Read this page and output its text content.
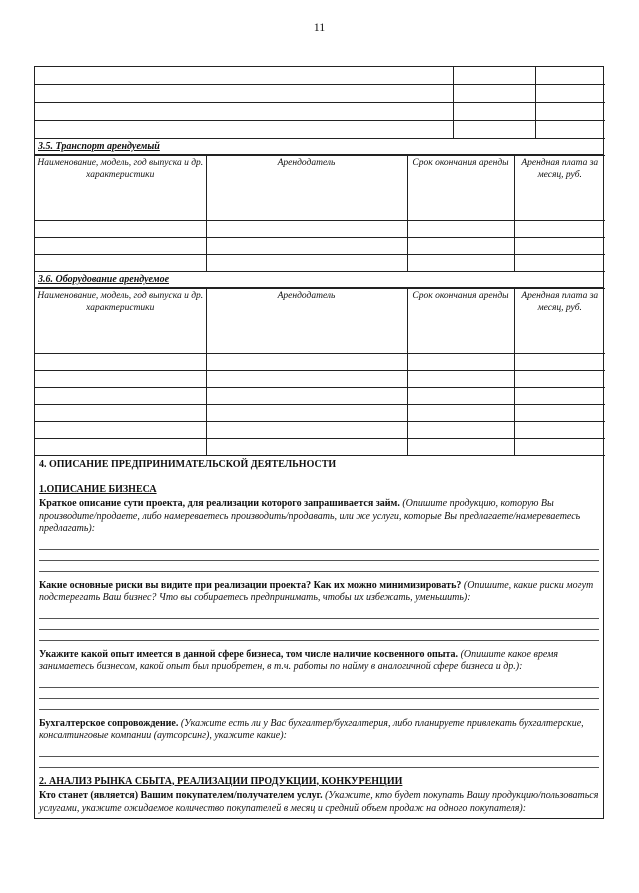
11

3.5. Транспорт арендуемый
Наименование, модель, год выпуска и др. характеристики	Арендодатель	Срок окончания аренды	Арендная плата за месяц, руб.

3.6. Оборудование арендуемое
Наименование, модель, год выпуска и др. характеристики	Арендодатель	Срок окончания аренды	Арендная плата за месяц, руб.

4. ОПИСАНИЕ ПРЕДПРИНИМАТЕЛЬСКОЙ ДЕЯТЕЛЬНОСТИ
1.ОПИСАНИЕ БИЗНЕСА
Краткое описание сути проекта, для реализации которого запрашивается займ. (Опишите продукцию, которую Вы производите/продаете, либо намереваетесь производить/продавать, или же услуги, которые Вы предлагаете/намереваетесь предлагать):
Какие основные риски вы видите при реализации проекта? Как их можно минимизировать? (Опишите, какие риски могут подстерегать Ваш бизнес? Что вы собираетесь предпринимать, чтобы их избежать, уменьшить):
Укажите какой опыт имеется в данной сфере бизнеса, том числе наличие косвенного опыта. (Опишите какое время занимаетесь бизнесом, какой опыт был приобретен, в т.ч. работы по найму в аналогичной сфере бизнеса и др.):
Бухгалтерское сопровождение. (Укажите есть ли у Вас бухгалтер/бухгалтерия, либо планируете привлекать бухгалтерские, консалтинговые компании (аутсорсинг), укажите какие):
2. АНАЛИЗ РЫНКА СБЫТА, РЕАЛИЗАЦИИ ПРОДУКЦИИ, КОНКУРЕНЦИИ
Кто станет (является) Вашим покупателем/получателем услуг. (Укажите, кто будет покупать Вашу продукцию/пользоваться услугами, укажите ожидаемое количество покупателей в месяц и средний объем продаж на одного покупателя):
